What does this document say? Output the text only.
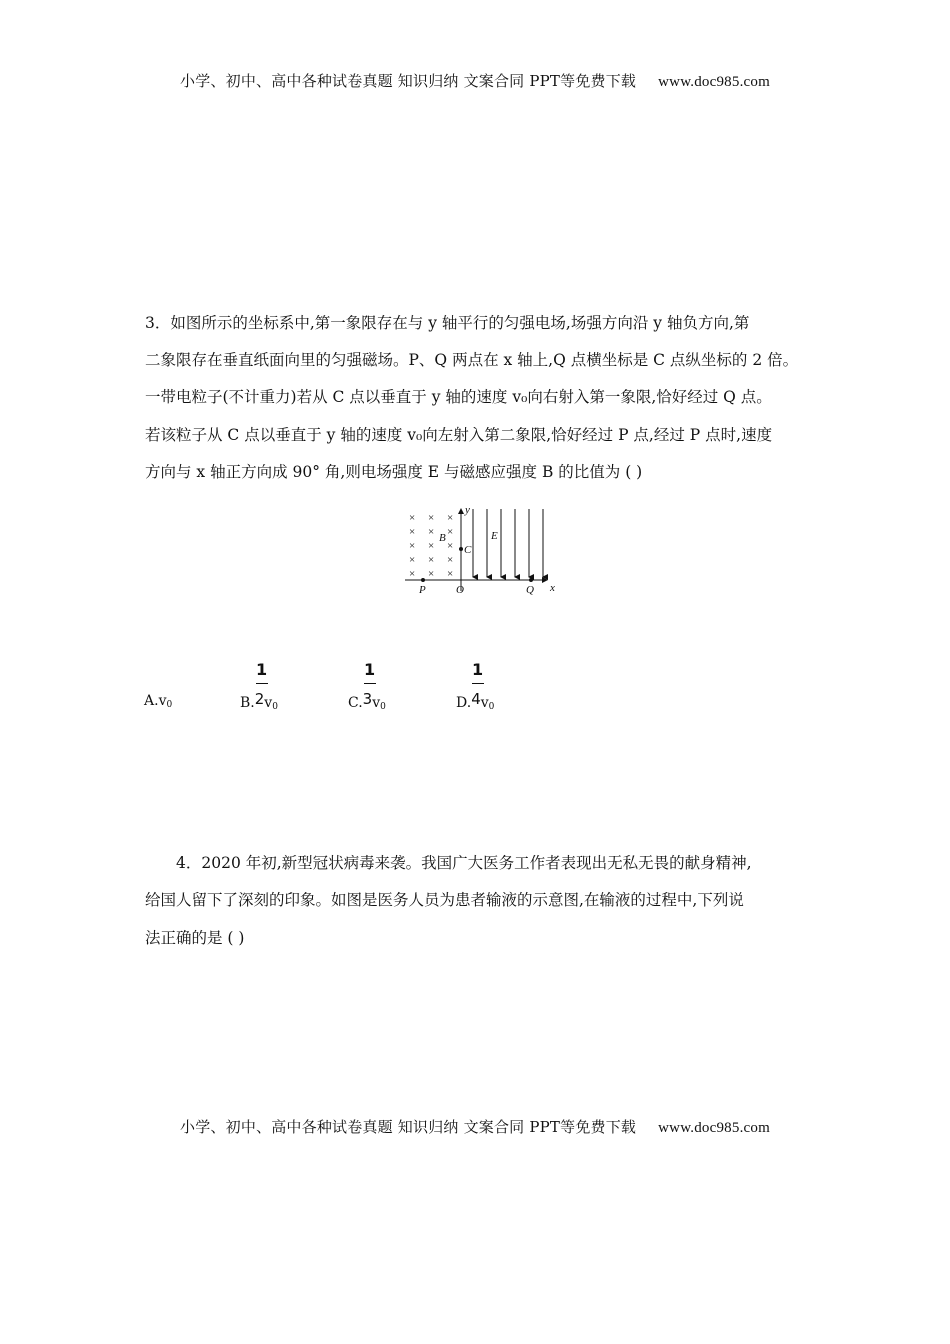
小学、初中、高中各种试卷真题 知识归纳 文案合同 PPT等免费下载 www.doc985.com
3．如图所示的坐标系中,第一象限存在与 y 轴平行的匀强电场,场强方向沿 y 轴负方向,第
二象限存在垂直纸面向里的匀强磁场。P、Q 两点在 x 轴上,Q 点横坐标是 C 点纵坐标的 2 倍。
一带电粒子(不计重力)若从 C 点以垂直于 y 轴的速度 v₀向右射入第一象限,恰好经过 Q 点。
若该粒子从 C 点以垂直于 y 轴的速度 v₀向左射入第二象限,恰好经过 P 点,经过 P 点时,速度
方向与 x 轴正方向成 90° 角,则电场强度 E 与磁感应强度 B 的比值为 ( )
× × ×
× × ×
× × ×
× × ×
× × ×
y
x
B	E
C
P	O	Q
$A.v_0$
1
$B.2v_0$
1
$C.3v_0$
1
$D.4v_0$
4．2020 年初,新型冠状病毒来袭。我国广大医务工作者表现出无私无畏的献身精神,
给国人留下了深刻的印象。如图是医务人员为患者输液的示意图,在输液的过程中,下列说
法正确的是 ( )
小学、初中、高中各种试卷真题 知识归纳 文案合同 PPT等免费下载 www.doc985.com
